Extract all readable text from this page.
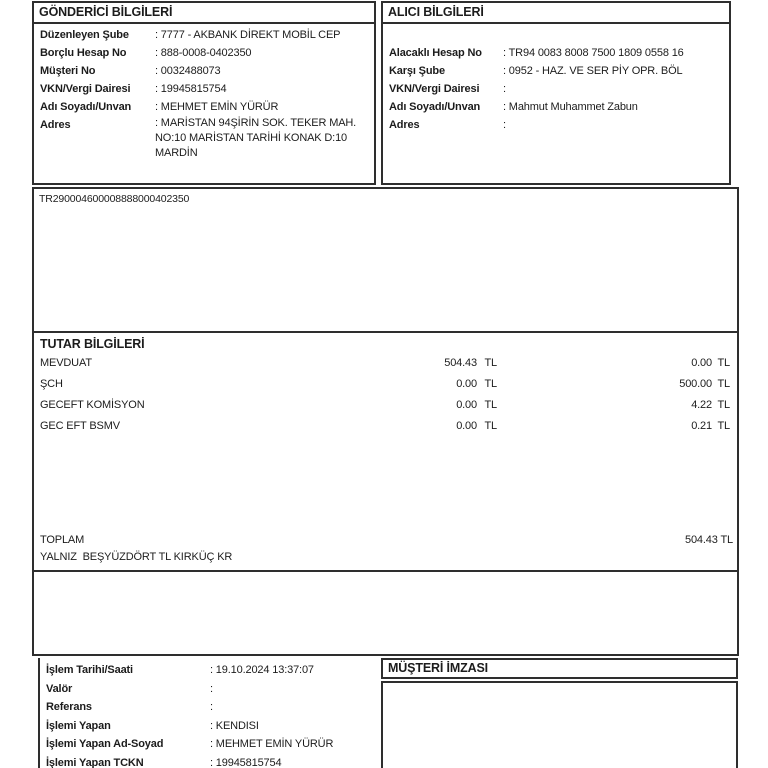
GÖNDERİCİ BİLGİLERİ
Düzenleyen Şube	: 7777 - AKBANK DİREKT MOBİL CEP
Borçlu Hesap No	: 888-0008-0402350
Müşteri No	: 0032488073
VKN/Vergi Dairesi	: 19945815754
Adı Soyadı/Unvan	: MEHMET EMİN YÜRÜR
Adres	: MARİSTAN 94ŞİRİN SOK. TEKER MAH.
NO:10 MARİSTAN TARİHİ KONAK D:10
MARDİN
ALICI BİLGİLERİ
Alacaklı Hesap No	: TR94 0083 8008 7500 1809 0558 16
Karşı Şube	: 0952 - HAZ. VE SER PİY OPR. BÖL
VKN/Vergi Dairesi	:
Adı Soyadı/Unvan	: Mahmut Muhammet Zabun
Adres	:
TR290004600008888000402350
TUTAR BİLGİLERİ
MEVDUAT	504.43 TL	0.00 TL
ŞCH	0.00 TL	500.00 TL
GECEFT KOMİSYON	0.00 TL	4.22 TL
GEC EFT BSMV	0.00 TL	0.21 TL
TOPLAM	504.43 TL
YALNIZ  BEŞYÜZDÖRT TL KIRKÜÇ KR
İşlem Tarihi/Saati	: 19.10.2024 13:37:07
Valör	:
Referans	:
İşlemi Yapan	: KENDISI
İşlemi Yapan Ad-Soyad	: MEHMET EMİN YÜRÜR
İşlemi Yapan TCKN	: 19945815754
MÜŞTERİ İMZASI
